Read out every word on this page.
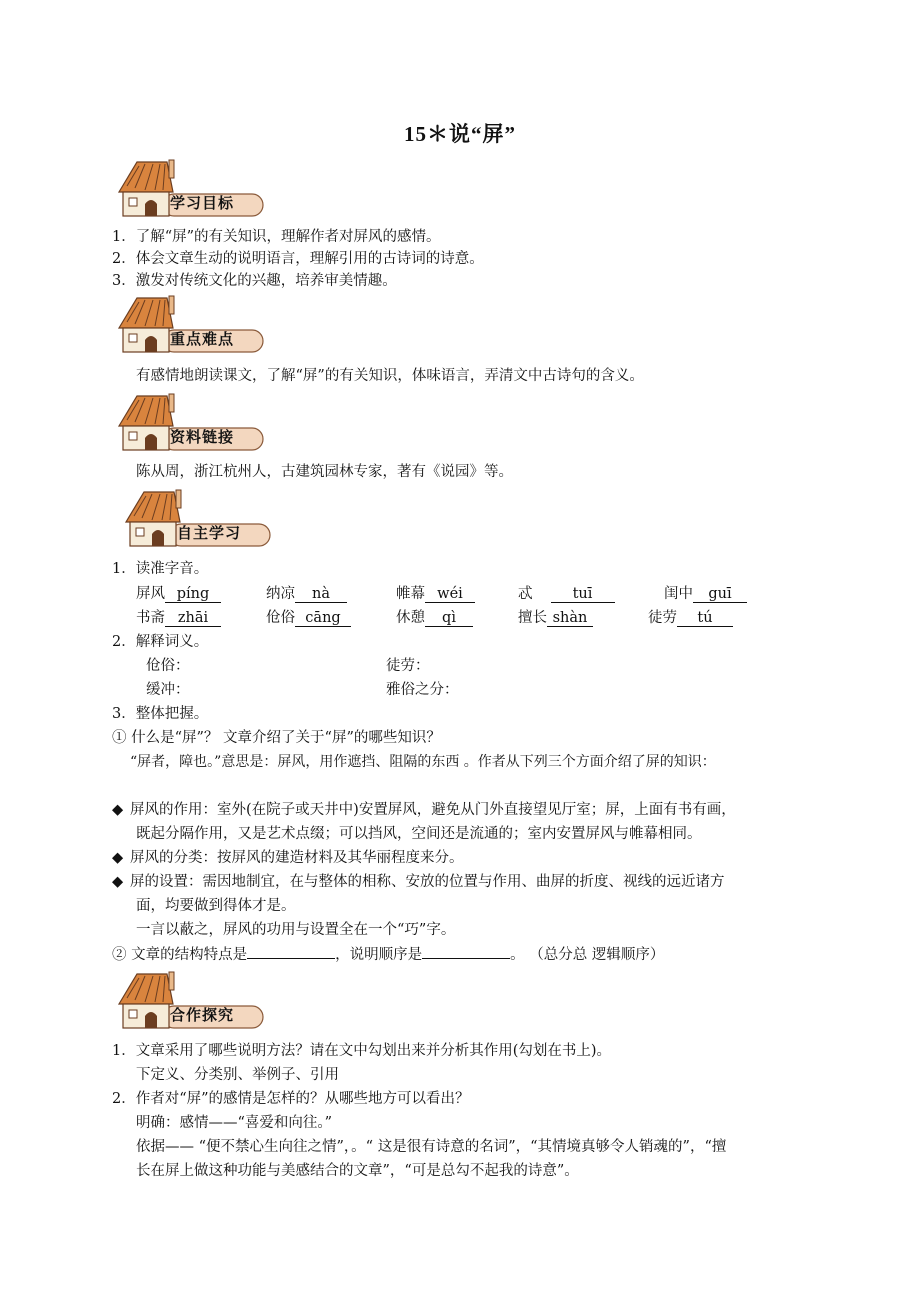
15＊说“屏”
学习目标
1．了解“屏”的有关知识，理解作者对屏风的感情。
2．体会文章生动的说明语言，理解引用的古诗词的诗意。
3．激发对传统文化的兴趣，培养审美情趣。
重点难点
有感情地朗读课文，了解“屏”的有关知识，体味语言，弄清文中古诗句的含义。
资料链接
陈从周，浙江杭州人，古建筑园林专家，著有《说园》等。
自主学习
1．读准字音。
屏风 píng	纳凉 nà	帷幕 wéi	忒	tuī	闺中 guī
书斋 zhāi	伧俗 cāng	休憩 qì	擅长 shàn	徒劳 tú
2．解释词义。
伧俗：	徒劳：
缓冲：	雅俗之分：
3．整体把握。
① 什么是“屏”？ 文章介绍了关于“屏”的哪些知识？
“屏者，障也。”意思是：屏风，用作遮挡、阻隔的东西 。作者从下列三个方面介绍了屏的知识：
◆ 屏风的作用：室外(在院子或天井中)安置屏风，避免从门外直接望见厅室；屏，上面有书有画，
既起分隔作用，又是艺术点缀；可以挡风，空间还是流通的；室内安置屏风与帷幕相同。
◆ 屏风的分类：按屏风的建造材料及其华丽程度来分。
◆ 屏的设置：需因地制宜，在与整体的相称、安放的位置与作用、曲屏的折度、视线的远近诸方
面，均要做到得体才是。
一言以蔽之，屏风的功用与设置全在一个“巧”字。
② 文章的结构特点是	，说明顺序是	。 （总分总 逻辑顺序）
合作探究
1．文章采用了哪些说明方法？请在文中勾划出来并分析其作用(勾划在书上)。
下定义、分类别、举例子、引用
2．作者对“屏”的感情是怎样的？从哪些地方可以看出？
明确：感情——“喜爱和向往。”
依据—— “便不禁心生向往之情”，。“ 这是很有诗意的名词”，“其情境真够令人销魂的”，“擅
长在屏上做这种功能与美感结合的文章”，“可是总勾不起我的诗意”。
